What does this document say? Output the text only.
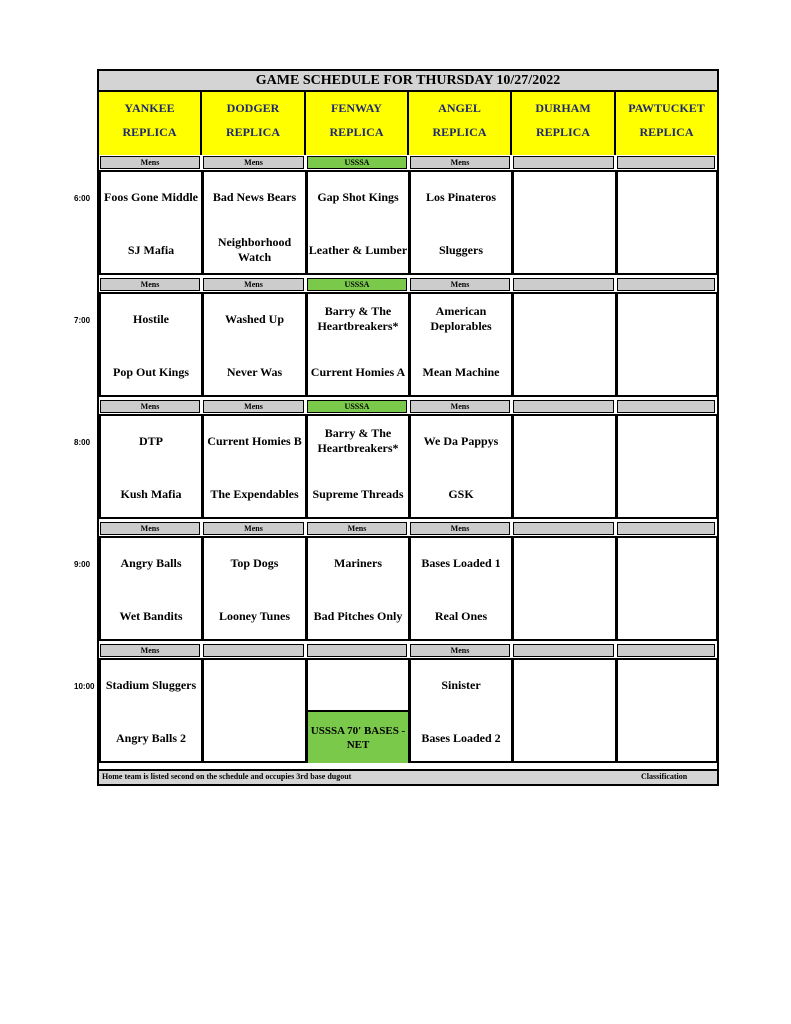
GAME SCHEDULE FOR THURSDAY 10/27/2022
YANKEE
REPLICA
DODGER
REPLICA
FENWAY
REPLICA
ANGEL
REPLICA
DURHAM
REPLICA
PAWTUCKET
REPLICA
Mens
Foos Gone Middle
SJ Mafia
Mens
Bad News Bears
Neighborhood Watch
USSSA
Gap Shot Kings
Leather & Lumber
Mens
Los Pinateros
Sluggers
Mens
Hostile
Pop Out Kings
Mens
Washed Up
Never Was
USSSA
Barry & The Heartbreakers*
Current Homies A
Mens
American Deplorables
Mean Machine
Mens
DTP
Kush Mafia
Mens
Current Homies B
The Expendables
USSSA
Barry & The Heartbreakers*
Supreme Threads
Mens
We Da Pappys
GSK
Mens
Angry Balls
Wet Bandits
Mens
Top Dogs
Looney Tunes
Mens
Mariners
Bad Pitches Only
Mens
Bases Loaded 1
Real Ones
Mens
Stadium Sluggers
Angry Balls 2	USSSA 70' BASES - NET
Mens
Sinister
Bases Loaded 2
Home team is listed second on the schedule and occupies 3rd base dugout	Classification
6:00
7:00
8:00
9:00
10:00
